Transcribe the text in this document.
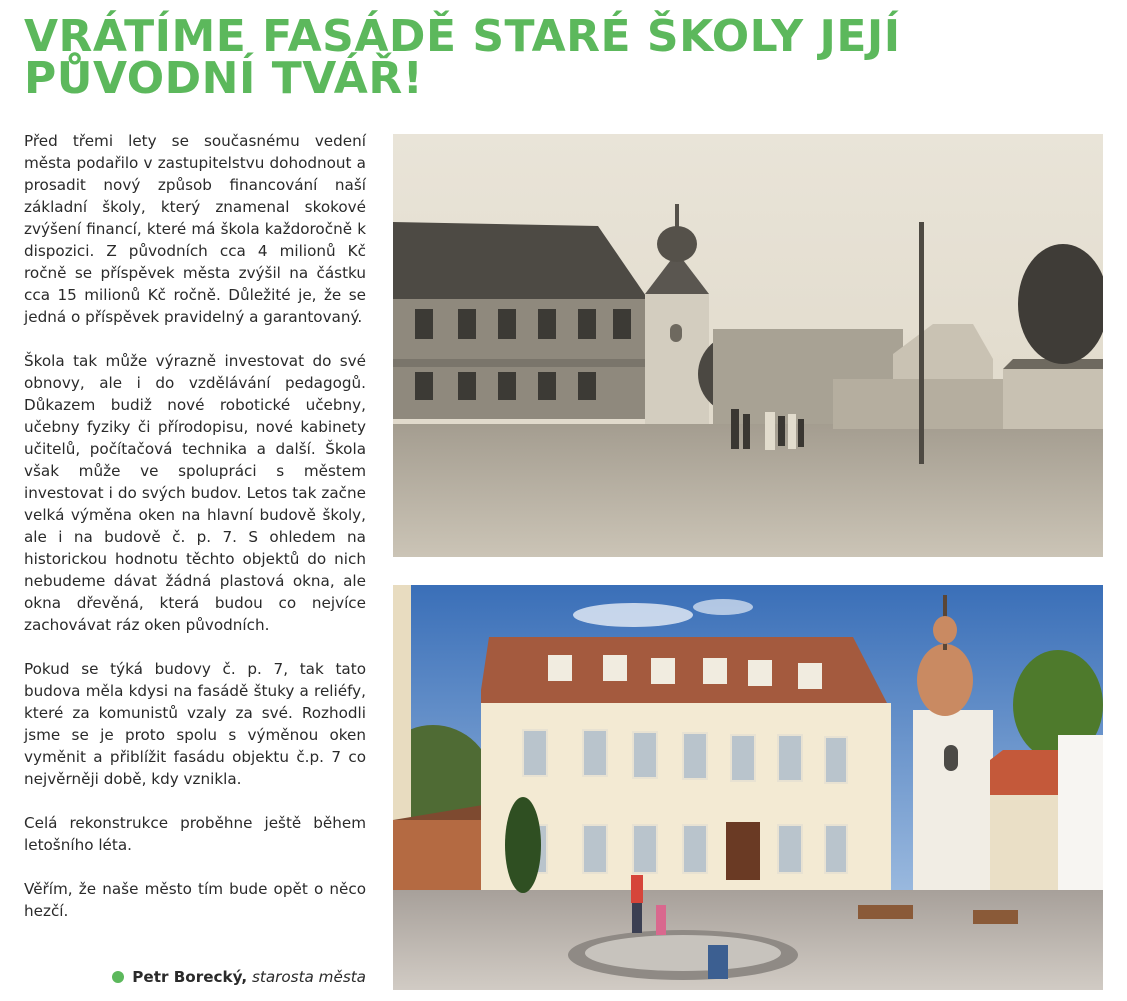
VRÁTÍME FASÁDĚ STARÉ ŠKOLY JEJÍ PŮVODNÍ TVÁŘ!

Před třemi lety se současnému vedení města podařilo v zastupitelstvu dohodnout a prosadit nový způsob financování naší základní školy, který znamenal skokové zvýšení financí, které má škola každoročně k dispozici. Z původních cca 4 milionů Kč ročně se příspěvek města zvýšil na částku cca 15 milionů Kč ročně. Důležité je, že se jedná o příspěvek pravidelný a garantovaný.

Škola tak může výrazně investovat do své obnovy, ale i do vzdělávání pedagogů. Důkazem budiž nové robotické učebny, učebny fyziky či přírodopisu, nové kabinety učitelů, počítačová technika a další. Škola však může ve spolupráci s městem investovat i do svých budov. Letos tak začne velká výměna oken na hlavní budově školy, ale i na budově č. p. 7. S ohledem na historickou hodnotu těchto objektů do nich nebudeme dávat žádná plastová okna, ale okna dřevěná, která budou co nejvíce zachovávat ráz oken původních.

Pokud se týká budovy č. p. 7, tak tato budova měla kdysi na fasádě štuky a reliéfy, které za komunistů vzaly za své. Rozhodli jsme se je proto spolu s výměnou oken vyměnit a přiblížit fasádu objektu č.p. 7 co nejvěrněji době, kdy vznikla.

Celá rekonstrukce proběhne ještě během letošního léta.

Věřím, že naše město tím bude opět o něco hezčí.

Petr Borecký, starosta města
